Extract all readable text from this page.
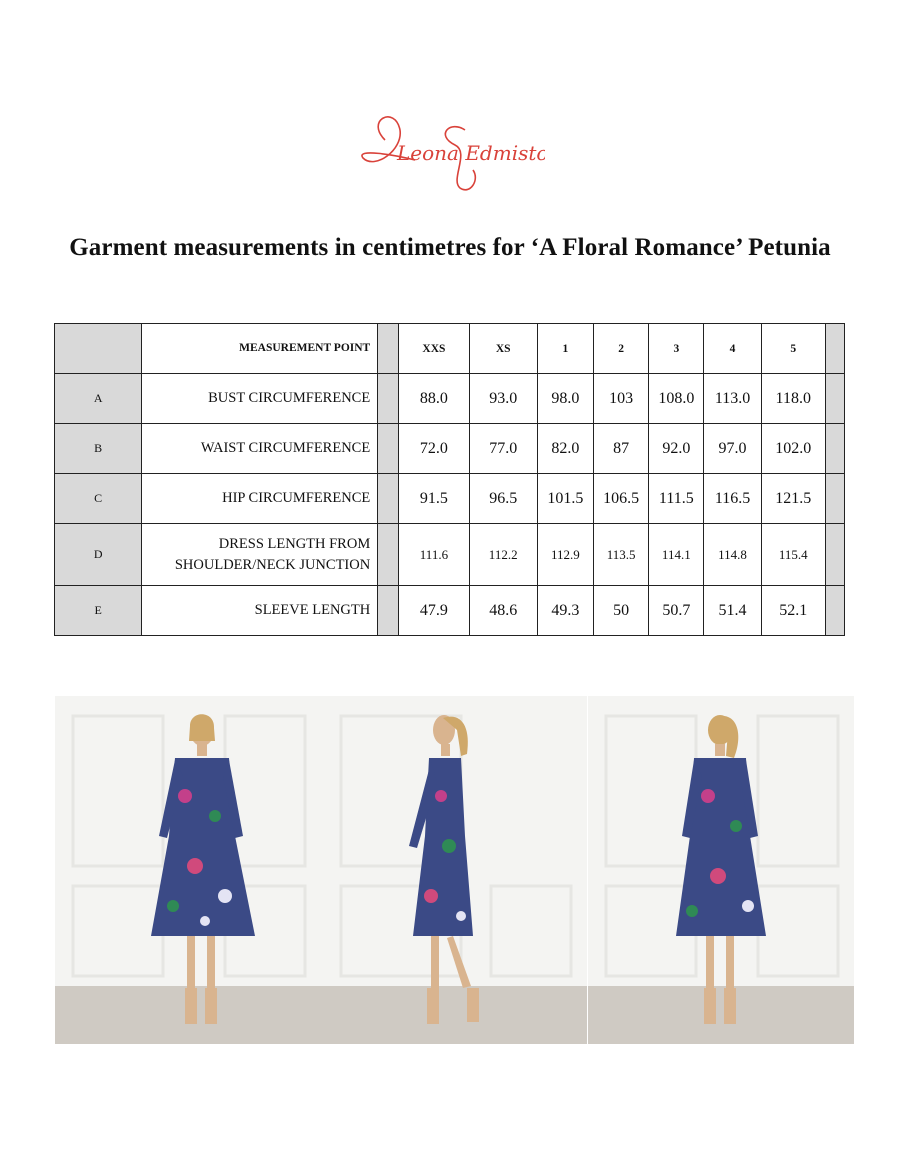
Leona Edmiston
Garment measurements in centimetres for ‘A Floral Romance’ Petunia
	MEASUREMENT POINT		XXS	XS	1	2	3	4	5	
A	BUST CIRCUMFERENCE		88.0	93.0	98.0	103	108.0	113.0	118.0	
B	WAIST CIRCUMFERENCE		72.0	77.0	82.0	87	92.0	97.0	102.0	
C	HIP CIRCUMFERENCE		91.5	96.5	101.5	106.5	111.5	116.5	121.5	
D	DRESS LENGTH FROM
SHOULDER/NECK JUNCTION		111.6	112.2	112.9	113.5	114.1	114.8	115.4	
E	SLEEVE LENGTH		47.9	48.6	49.3	50	50.7	51.4	52.1	
